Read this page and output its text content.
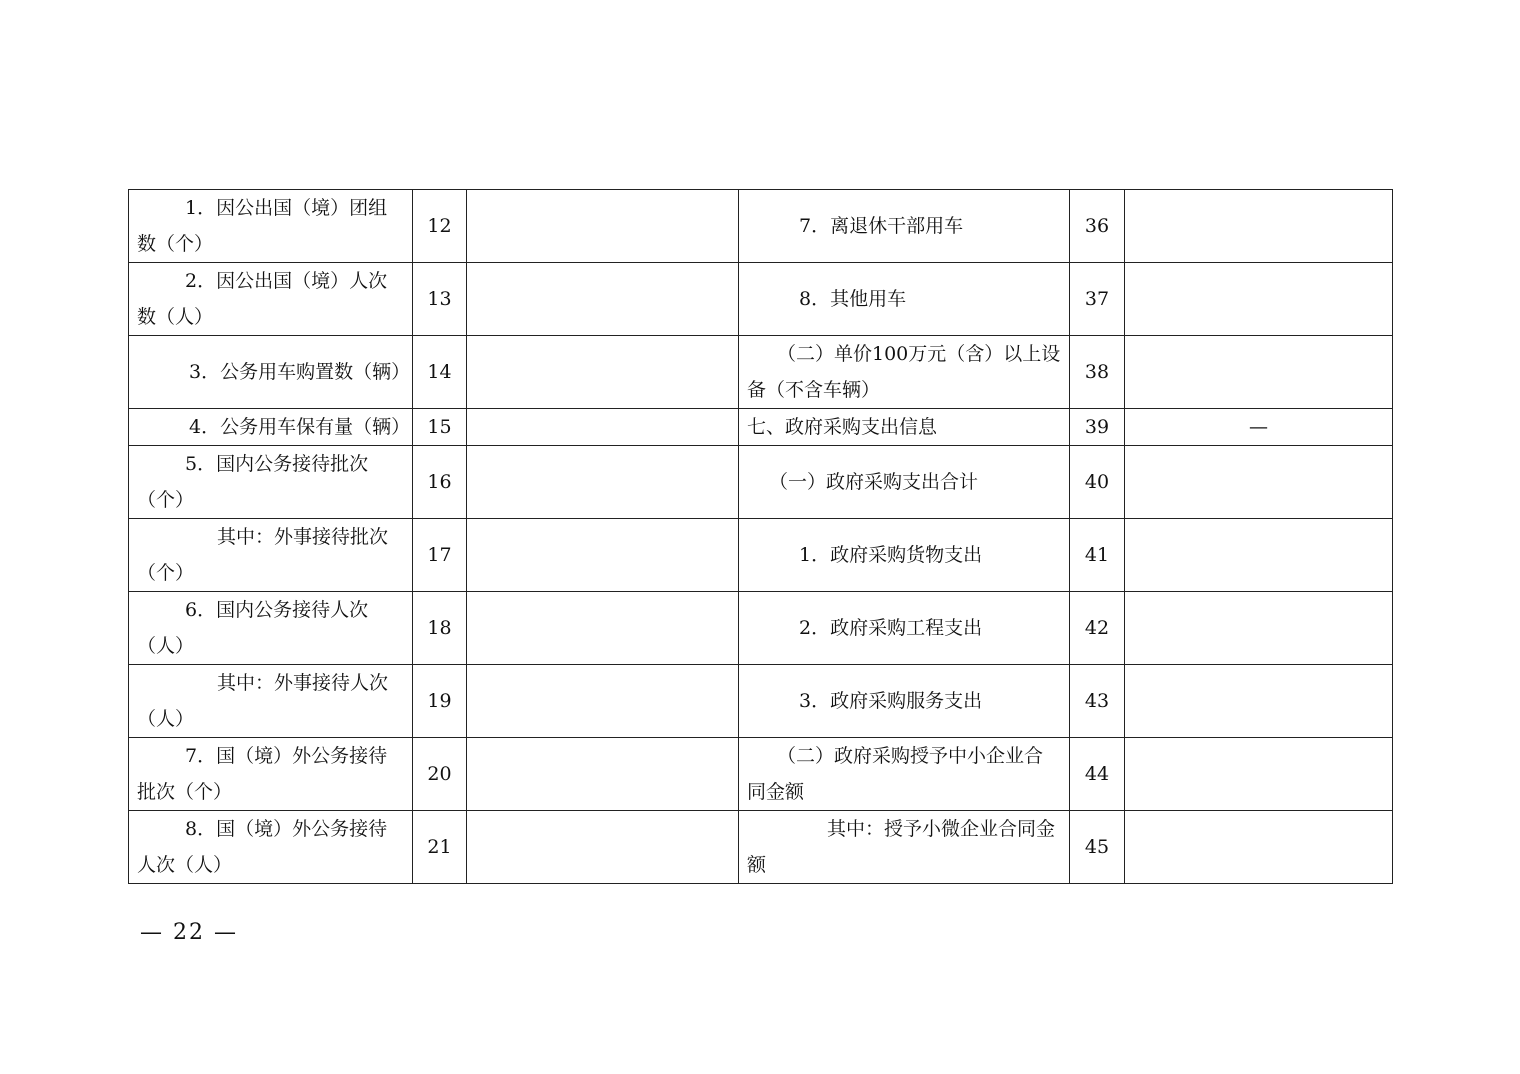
1．因公出国（境）团组数（个）	12		7．离退休干部用车	36	
2．因公出国（境）人次数（人）	13		8．其他用车	37	
3．公务用车购置数（辆）	14		（二）单价100万元（含）以上设备（不含车辆）	38	
4．公务用车保有量（辆）	15		七、政府采购支出信息	39	—
5．国内公务接待批次（个）	16		（一）政府采购支出合计	40	
其中：外事接待批次（个）	17		1．政府采购货物支出	41	
6．国内公务接待人次（人）	18		2．政府采购工程支出	42	
其中：外事接待人次（人）	19		3．政府采购服务支出	43	
7．国（境）外公务接待批次（个）	20		（二）政府采购授予中小企业合同金额	44	
8．国（境）外公务接待人次（人）	21		其中：授予小微企业合同金额	45	
— 22 —
